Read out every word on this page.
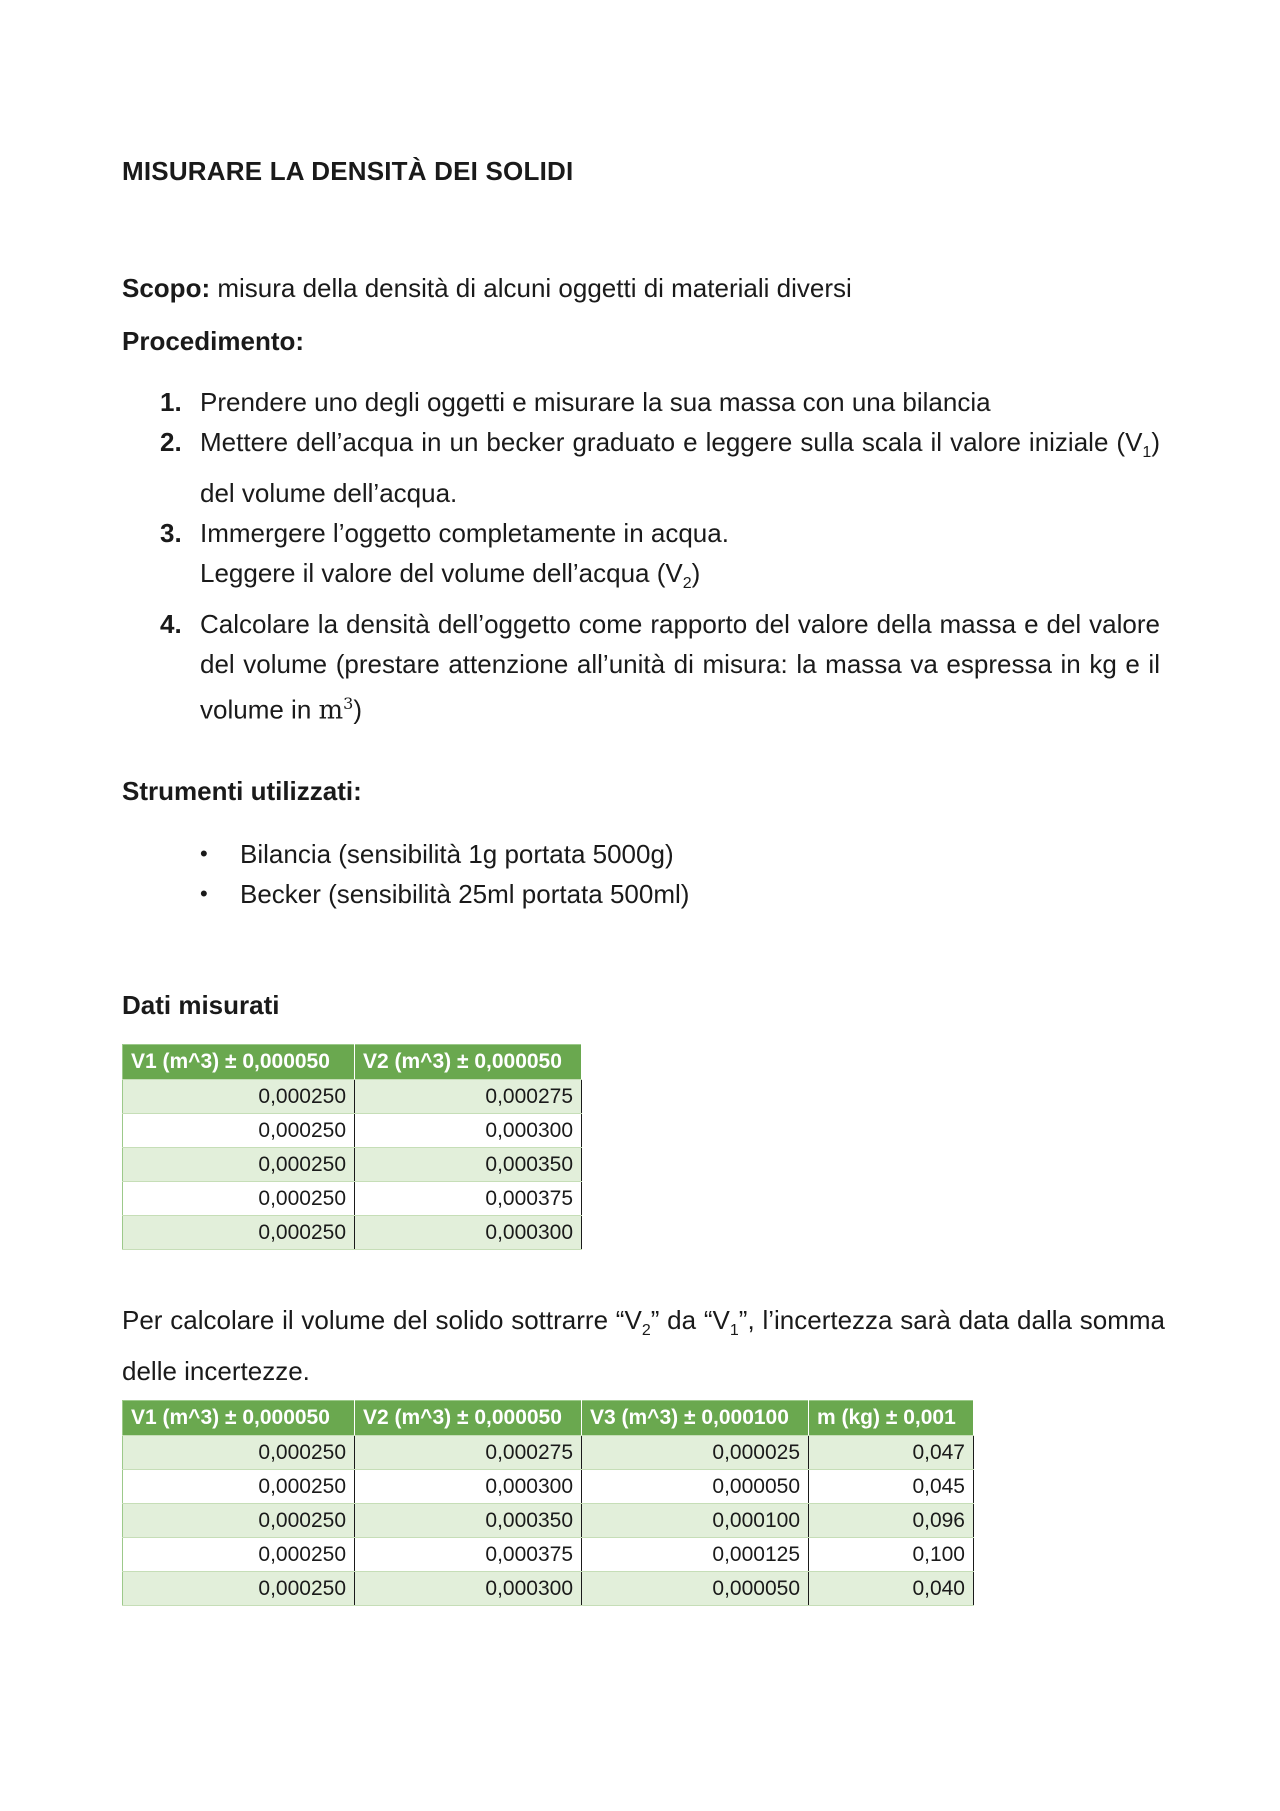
MISURARE LA DENSITÀ DEI SOLIDI
Scopo: misura della densità di alcuni oggetti di materiali diversi
Procedimento:
1. Prendere uno degli oggetti e misurare la sua massa con una bilancia
2. Mettere dell’acqua in un becker graduato e leggere sulla scala il valore iniziale $(V_1)$ del volume dell’acqua.
3. Immergere l’oggetto completamente in acqua.
Leggere il valore del volume dell’acqua $(V_2)$
4. Calcolare la densità dell’oggetto come rapporto del valore della massa e del valore del volume (prestare attenzione all’unità di misura: la massa va espressa in kg e il volume in $m^3$)
Strumenti utilizzati:
• Bilancia (sensibilità 1g portata 5000g)
• Becker (sensibilità 25ml portata 500ml)
Dati misurati
V1 (m^3) ± 0,000050	V2 (m^3) ± 0,000050
0,000250	0,000275
0,000250	0,000300
0,000250	0,000350
0,000250	0,000375
0,000250	0,000300
Per calcolare il volume del solido sottrarre “$V_2$” da “$V_1$”, l’incertezza sarà data dalla somma delle incertezze.
V1 (m^3) ± 0,000050	V2 (m^3) ± 0,000050	V3 (m^3) ± 0,000100	m (kg) ± 0,001
0,000250	0,000275	0,000025	0,047
0,000250	0,000300	0,000050	0,045
0,000250	0,000350	0,000100	0,096
0,000250	0,000375	0,000125	0,100
0,000250	0,000300	0,000050	0,040
